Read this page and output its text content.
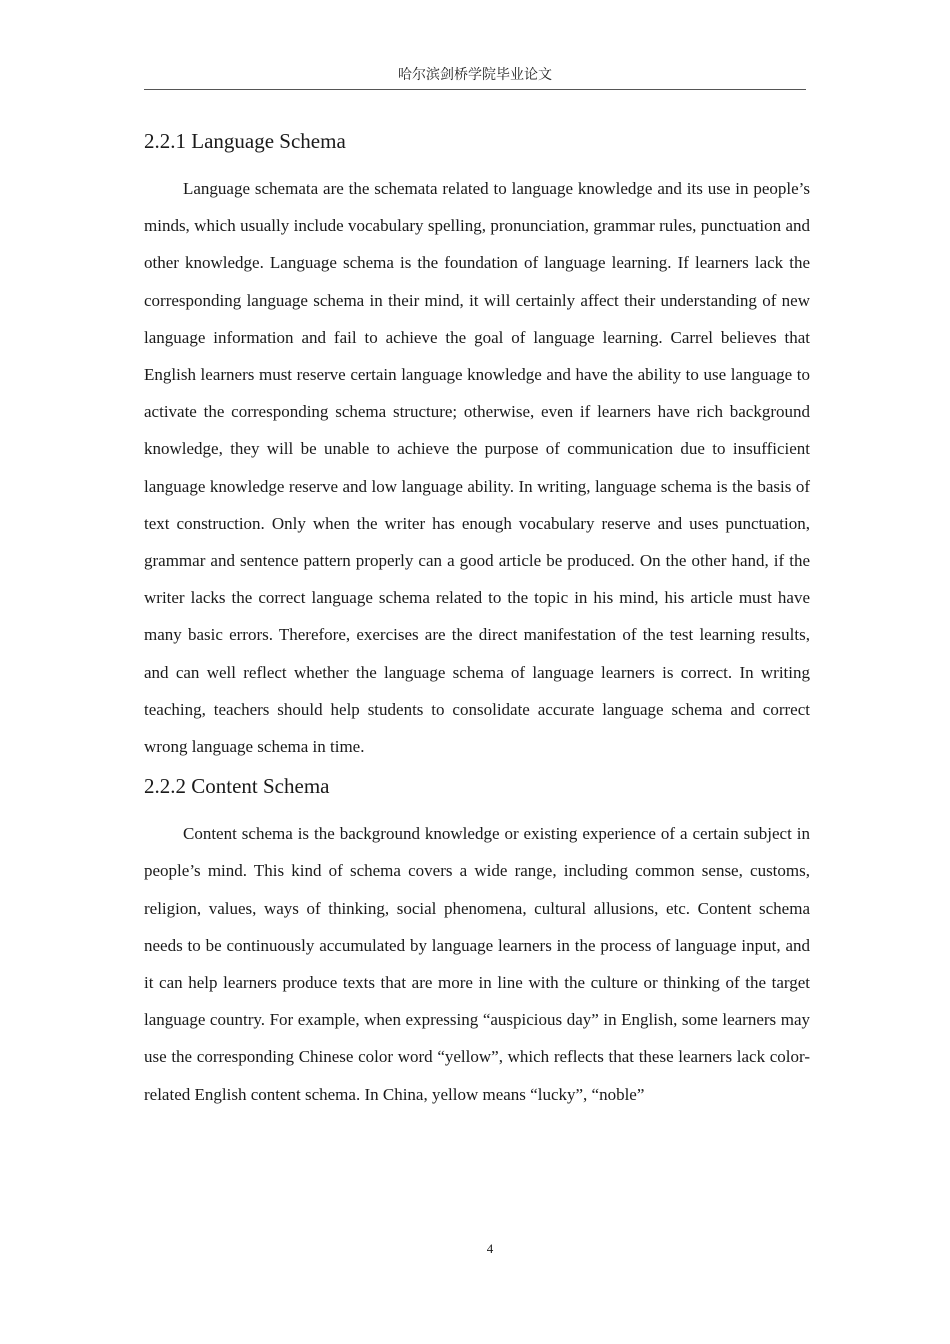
哈尔滨剑桥学院毕业论文
2.2.1 Language Schema

Language schemata are the schemata related to language knowledge and its use in people’s minds, which usually include vocabulary spelling, pronunciation, grammar rules, punctuation and other knowledge. Language schema is the foundation of language learning. If learners lack the corresponding language schema in their mind, it will certainly affect their understanding of new language information and fail to achieve the goal of language learning. Carrel believes that English learners must reserve certain language knowledge and have the ability to use language to activate the corresponding schema structure; otherwise, even if learners have rich background knowledge, they will be unable to achieve the purpose of communication due to insufficient language knowledge reserve and low language ability. In writing, language schema is the basis of text construction. Only when the writer has enough vocabulary reserve and uses punctuation, grammar and sentence pattern properly can a good article be produced. On the other hand, if the writer lacks the correct language schema related to the topic in his mind, his article must have many basic errors. Therefore, exercises are the direct manifestation of the test learning results, and can well reflect whether the language schema of language learners is correct. In writing teaching, teachers should help students to consolidate accurate language schema and correct wrong language schema in time.

2.2.2 Content Schema

Content schema is the background knowledge or existing experience of a certain subject in people’s mind. This kind of schema covers a wide range, including common sense, customs, religion, values, ways of thinking, social phenomena, cultural allusions, etc. Content schema needs to be continuously accumulated by language learners in the process of language input, and it can help learners produce texts that are more in line with the culture or thinking of the target language country. For example, when expressing “auspicious day” in English, some learners may use the corresponding Chinese color word “yellow”, which reflects that these learners lack color-related English content schema. In China, yellow means “lucky”, “noble”

4
